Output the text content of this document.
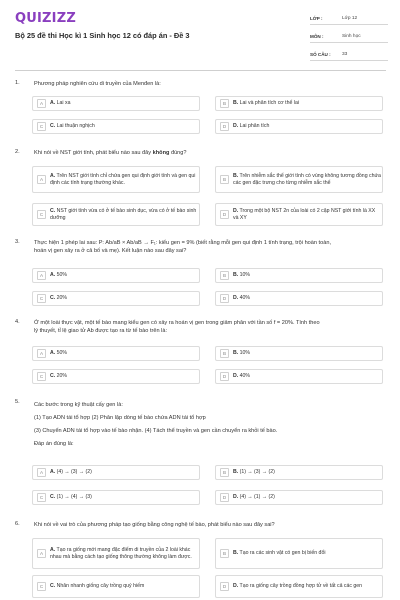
QUIZIZZ
Bộ 25 đề thi Học kì 1 Sinh học 12 có đáp án - Đề 3
LỚP :	Lớp 12
MÔN :	Sinh học
SỐ CÂU :	33
1.	Phương pháp nghiên cứu di truyền của Menđen là:
A	A. Lai xa	B	B. Lai và phân tích cơ thể lai
C	C. Lai thuận nghịch	D	D. Lai phân tích
2.	Khi nói về NST giới tính, phát biểu nào sau đây không đúng?
A
A. Trên NST giới tính chỉ chứa gen qui định giới tính và gen qui định các tính trạng thường khác.	B
B. Trên nhiễm sắc thể giới tính có vùng không tương đồng chứa các gen đặc trưng cho từng nhiễm sắc thể
C
C. NST giới tính vừa có ở tế bào sinh dục, vừa có ở tế bào sinh dưỡng	D
D. Trong một bộ NST 2n của loài có 2 cặp NST giới tính là XX và XY
3.	Thực hiện 1 phép lai sau: P: Ab/aB × Ab/aB → F₁: kiểu gen = 9% (biết rằng mỗi gen qui định 1 tính trạng, trội hoàn toàn,
hoán vị gen xảy ra ở cả bố và mẹ). Kết luận nào sau đây sai?
A	A. 50%	B	B. 10%
C	C. 20%	D	D. 40%
4.	Ở một loài thực vật, một tế bào mang kiểu gen có xảy ra hoán vị gen trong giảm phân với tần số f = 20%. Tính theo
lý thuyết, tỉ lệ giao tử Ab được tạo ra từ tế bào trên là:
A	A. 50%	B	B. 10%
C	C. 20%	D	D. 40%
5.	Các bước trong kỹ thuật cấy gen là:
(1) Tạo ADN tái tổ hợp (2) Phân lập dòng tế bào chứa ADN tái tổ hợp
(3) Chuyển ADN tái tổ hợp vào tế bào nhận. (4) Tách thể truyền và gen cần chuyển ra khỏi tế bào.
Đáp án đúng là:
A	A. (4) → (3) → (2)	B	B. (1) → (3) → (2)
C	C. (1) → (4) → (3)	D	D. (4) → (1) → (2)
6.	Khi nói về vai trò của phương pháp tạo giống bằng công nghệ tế bào, phát biểu nào sau đây sai?
A
A. Tạo ra giống mới mang đặc điểm di truyền của 2 loài khác nhau mà bằng cách tạo giống thông thường không làm được.	B	B. Tạo ra các sinh vật có gen bị biến đổi
C	C. Nhân nhanh giống cây trồng quý hiếm	D	D. Tạo ra giống cây trồng đồng hợp tử về tất cả các gen
